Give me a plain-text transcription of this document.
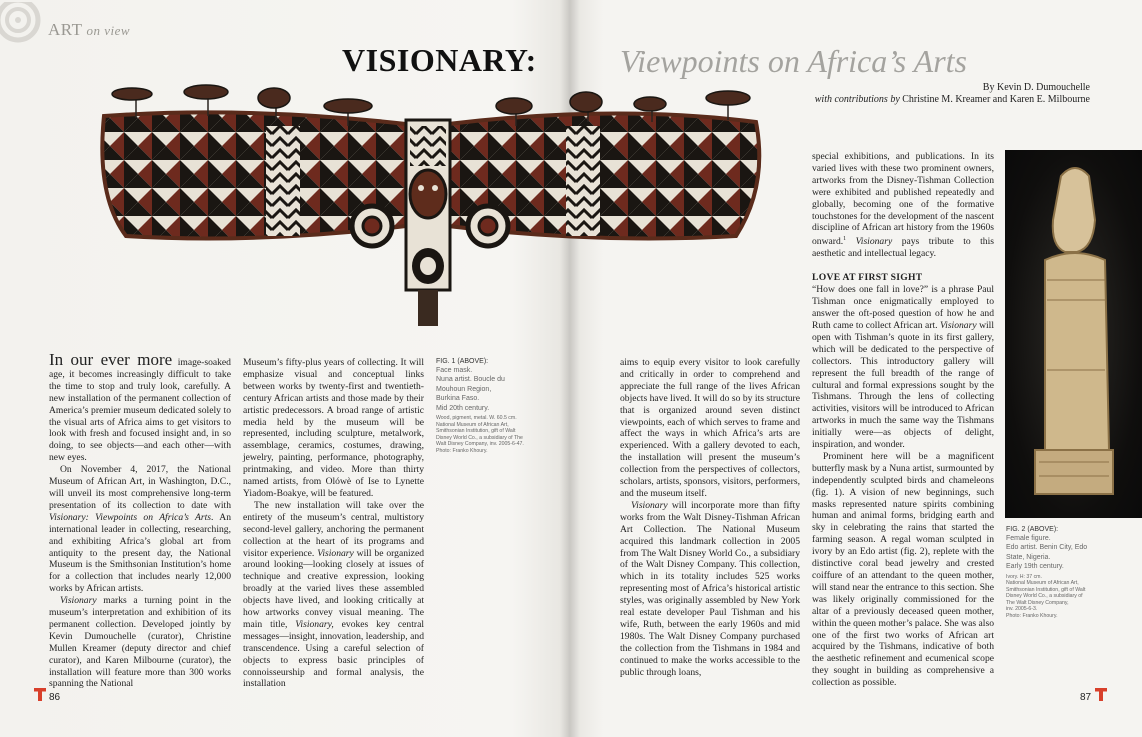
ART on view
VISIONARY:	Viewpoints on Africa’s Arts
By Kevin D. Dumouchelle
with contributions by Christine M. Kreamer and Karen E. Milbourne

In our ever more image-soaked age, it becomes increasingly difficult to take the time to stop and truly look, carefully. A new installation of the permanent collection of America’s premier museum dedicated solely to the visual arts of Africa aims to get visitors to look with fresh and focused insight and, in so doing, to see objects—and each other—with new eyes.

On November 4, 2017, the National Museum of African Art, in Washington, D.C., will unveil its most comprehensive long-term presentation of its collection to date with Visionary: Viewpoints on Africa’s Arts. An international leader in collecting, researching, and exhibiting Africa’s global art from antiquity to the present day, the National Museum is the Smithsonian Institution’s home for a collection that includes nearly 12,000 works by African artists.

Visionary marks a turning point in the museum’s interpretation and exhibition of its permanent collection. Developed jointly by Kevin Dumouchelle (curator), Christine Mullen Kreamer (deputy director and chief curator), and Karen Milbourne (curator), the installation will feature more than 300 works spanning the National

Museum’s fifty-plus years of collecting. It will emphasize visual and conceptual links between works by twenty-first and twentieth-century African artists and those made by their artistic predecessors. A broad range of artistic media held by the museum will be represented, including sculpture, metalwork, assemblage, ceramics, costumes, drawing, jewelry, painting, performance, photography, printmaking, and video. More than thirty named artists, from Olówè of Ise to Lynette Yiadom-Boakye, will be featured.

The new installation will take over the entirety of the museum’s central, multistory second-level gallery, anchoring the permanent collection at the heart of its programs and visitor experience. Visionary will be organized around looking—looking closely at issues of technique and creative expression, looking broadly at the varied lives these assembled objects have lived, and looking critically at how artworks convey visual meaning. The main title, Visionary, evokes key central messages—insight, innovation, leadership, and transcendence. Using a careful selection of objects to express basic principles of connoisseurship and formal analysis, the installation

FIG. 1 (ABOVE):
Face mask.
Nuna artist. Boucle du
Mouhoun Region,
Burkina Faso.
Mid 20th century.
Wood, pigment, metal. W. 60.5 cm.
National Museum of African Art,
Smithsonian Institution, gift of Walt
Disney World Co., a subsidiary of The
Walt Disney Company, inv. 2005-6-47.
Photo: Franko Khoury.

aims to equip every visitor to look carefully and critically in order to comprehend and appreciate the full range of the lives African objects have lived. It will do so by its structure that is organized around seven distinct viewpoints, each of which serves to frame and affect the ways in which Africa’s arts are experienced. With a gallery devoted to each, the installation will present the museum’s collection from the perspectives of collectors, scholars, artists, sponsors, visitors, performers, and the museum itself.

Visionary will incorporate more than fifty works from the Walt Disney-Tishman African Art Collection. The National Museum acquired this landmark collection in 2005 from The Walt Disney World Co., a subsidiary of the Walt Disney Company. This collection, which in its totality includes 525 works representing most of Africa’s historical artistic styles, was originally assembled by New York real estate developer Paul Tishman and his wife, Ruth, between the early 1960s and mid 1980s. The Walt Disney Company purchased the collection from the Tishmans in 1984 and continued to make the works accessible to the public through loans,

special exhibitions, and publications. In its varied lives with these two prominent owners, artworks from the Disney-Tishman Collection were exhibited and published repeatedly and globally, becoming one of the formative touchstones for the development of the nascent discipline of African art history from the 1960s onward.$^1$ Visionary pays tribute to this aesthetic and intellectual legacy.

LOVE AT FIRST SIGHT

“How does one fall in love?” is a phrase Paul Tishman once enigmatically employed to answer the oft-posed question of how he and Ruth came to collect African art. Visionary will open with Tishman’s quote in its first gallery, which will be dedicated to the perspective of collectors. This introductory gallery will represent the full breadth of the range of cultural and formal expressions sought by the Tishmans. Through the lens of collecting activities, visitors will be introduced to African artworks in much the same way the Tishmans initially were—as objects of delight, inspiration, and wonder.

Prominent here will be a magnificent butterfly mask by a Nuna artist, surmounted by independently sculpted birds and chameleons (fig. 1). A vision of new beginnings, such masks represented nature spirits combining human and animal forms, bridging earth and sky in celebrating the rains that started the farming season. A regal woman sculpted in ivory by an Edo artist (fig. 2), replete with the distinctive coral bead jewelry and crested coiffure of an attendant to the queen mother, will stand near the entrance to this section. She was likely originally commissioned for the altar of a previously deceased queen mother, within the queen mother’s palace. She was also one of the first two works of African art acquired by the Tishmans, indicative of both the aesthetic refinement and ecumenical scope they sought in building as comprehensive a collection as possible.

FIG. 2 (ABOVE):
Female figure.
Edo artist. Benin City, Edo
State, Nigeria.
Early 19th century.
Ivory. H: 37 cm.
National Museum of African Art,
Smithsonian Institution, gift of Walt
Disney World Co., a subsidiary of
The Walt Disney Company,
inv. 2005-6-3.
Photo: Franko Khoury.
86	87
